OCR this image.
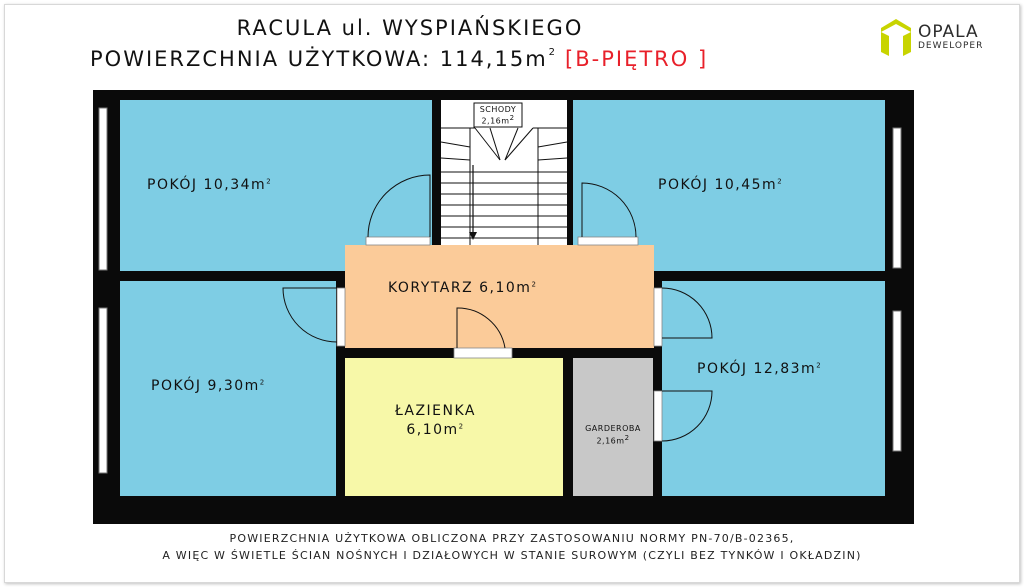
RACULA ul. WYSPIAŃSKIEGO
POWIERZCHNIA UŻYTKOWA: $114,15m^2$ [B-PIĘTRO ]
OPALA
DEWELOPER
POKÓJ $10,34m^2$	POKÓJ $10,45m^2$
KORYTARZ $6,10m^2$
POKÓJ $9,30m^2$
POKÓJ $12,83m^2$
ŁAZIENKA
$6,10m^2$	GARDEROBA
$2,16m^2$
SCHODY
$2,16m^2$
POWIERZCHNIA UŻYTKOWA OBLICZONA PRZY ZASTOSOWANIU NORMY PN-70/B-02365,
A WIĘC W ŚWIETLE ŚCIAN NOŚNYCH I DZIAŁOWYCH W STANIE SUROWYM (CZYLI BEZ TYNKÓW I OKŁADZIN)
